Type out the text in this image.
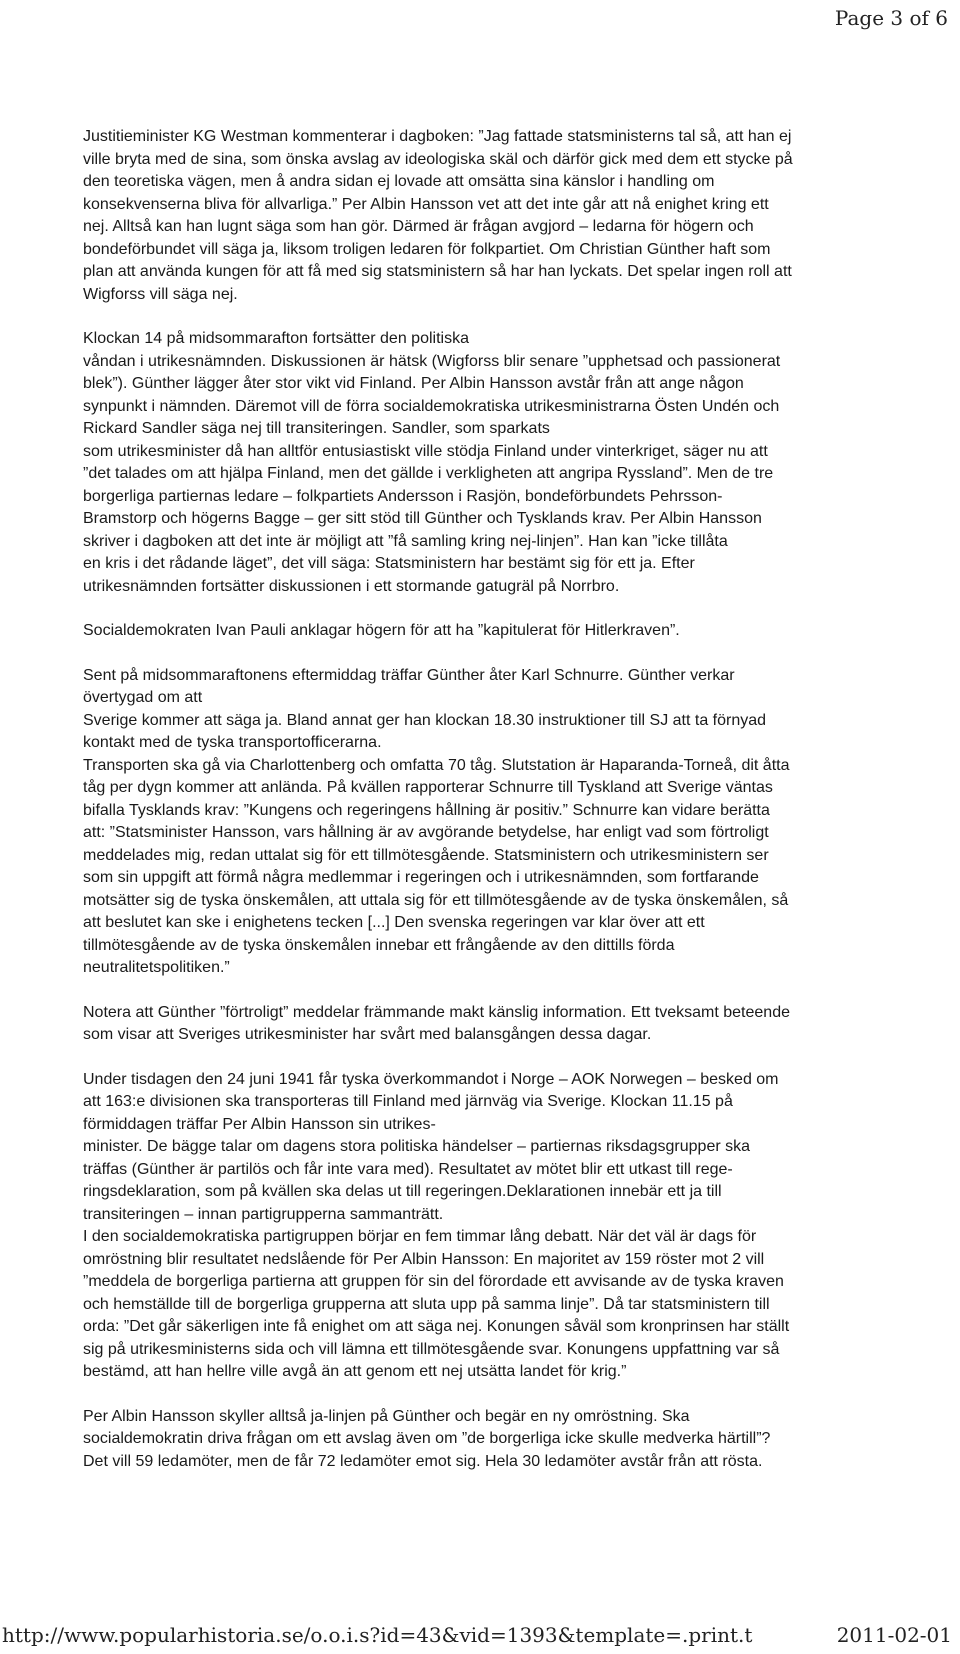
Page 3 of 6

Justitieminister KG Westman kommenterar i dagboken: ”Jag fattade statsministerns tal så, att han ej
ville bryta med de sina, som önska avslag av ideologiska skäl och därför gick med dem ett stycke på
den teoretiska vägen, men å andra sidan ej lovade att omsätta sina känslor i handling om
konsekvenserna bliva för allvarliga.” Per Albin Hansson vet att det inte går att nå enighet kring ett
nej. Alltså kan han lugnt säga som han gör. Därmed är frågan avgjord – ledarna för högern och
bondeförbundet vill säga ja, liksom troligen ledaren för folkpartiet. Om Christian Günther haft som
plan att använda kungen för att få med sig statsministern så har han lyckats. Det spelar ingen roll att
Wigforss vill säga nej.

Klockan 14 på midsommarafton fortsätter den politiska
våndan i utrikesnämnden. Diskussionen är hätsk (Wigforss blir senare ”upphetsad och passionerat
blek”). Günther lägger åter stor vikt vid Finland. Per Albin Hansson avstår från att ange någon
synpunkt i nämnden. Däremot vill de förra socialdemokratiska utrikesministrarna Östen Undén och
Rickard Sandler säga nej till transiteringen. Sandler, som sparkats
som utrikesminister då han alltför entusiastiskt ville stödja Finland under vinterkriget, säger nu att
”det talades om att hjälpa Finland, men det gällde i verkligheten att angripa Ryssland”. Men de tre
borgerliga partiernas ledare – folkpartiets Andersson i Rasjön, bondeförbundets Pehrsson-
Bramstorp och högerns Bagge – ger sitt stöd till Günther och Tysklands krav. Per Albin Hansson
skriver i dagboken att det inte är möjligt att ”få samling kring nej-linjen”. Han kan ”icke tillåta
en kris i det rådande läget”, det vill säga: Statsministern har bestämt sig för ett ja. Efter
utrikesnämnden fortsätter diskussionen i ett stormande gatugräl på Norrbro.

Socialdemokraten Ivan Pauli anklagar högern för att ha ”kapitulerat för Hitlerkraven”.

Sent på midsommaraftonens eftermiddag träffar Günther åter Karl Schnurre. Günther verkar
övertygad om att
Sverige kommer att säga ja. Bland annat ger han klockan 18.30 instruktioner till SJ att ta förnyad
kontakt med de tyska transportofficerarna.
Transporten ska gå via Charlottenberg och omfatta 70 tåg. Slutstation är Haparanda-Torneå, dit åtta
tåg per dygn kommer att anlända. På kvällen rapporterar Schnurre till Tyskland att Sverige väntas
bifalla Tysklands krav: ”Kungens och regeringens hållning är positiv.” Schnurre kan vidare berätta
att: ”Statsminister Hansson, vars hållning är av avgörande betydelse, har enligt vad som förtroligt
meddelades mig, redan uttalat sig för ett tillmötesgående. Statsministern och utrikesministern ser
som sin uppgift att förmå några medlemmar i regeringen och i utrikesnämnden, som fortfarande
motsätter sig de tyska önskemålen, att uttala sig för ett tillmötesgående av de tyska önskemålen, så
att beslutet kan ske i enighetens tecken [...] Den svenska regeringen var klar över att ett
tillmötesgående av de tyska önskemålen innebar ett frångående av den dittills förda
neutralitetspolitiken.”

Notera att Günther ”förtroligt” meddelar främmande makt känslig information. Ett tveksamt beteende
som visar att Sveriges utrikesminister har svårt med balansgången dessa dagar.

Under tisdagen den 24 juni 1941 får tyska överkommandot i Norge – AOK Norwegen – besked om
att 163:e divisionen ska transporteras till Finland med järnväg via Sverige. Klockan 11.15 på
förmiddagen träffar Per Albin Hansson sin utrikes-
minister. De bägge talar om dagens stora politiska händelser – partiernas riksdagsgrupper ska
träffas (Günther är partilös och får inte vara med). Resultatet av mötet blir ett utkast till rege-
ringsdeklaration, som på kvällen ska delas ut till regeringen.Deklarationen innebär ett ja till
transiteringen – innan partigrupperna sammanträtt.
I den socialdemokratiska partigruppen börjar en fem timmar lång debatt. När det väl är dags för
omröstning blir resultatet nedslående för Per Albin Hansson: En majoritet av 159 röster mot 2 vill
”meddela de borgerliga partierna att gruppen för sin del förordade ett avvisande av de tyska kraven
och hemställde till de borgerliga grupperna att sluta upp på samma linje”. Då tar statsministern till
orda: ”Det går säkerligen inte få enighet om att säga nej. Konungen såväl som kronprinsen har ställt
sig på utrikesministerns sida och vill lämna ett tillmötesgående svar. Konungens uppfattning var så
bestämd, att han hellre ville avgå än att genom ett nej utsätta landet för krig.”

Per Albin Hansson skyller alltså ja-linjen på Günther och begär en ny omröstning. Ska
socialdemokratin driva frågan om ett avslag även om ”de borgerliga icke skulle medverka härtill”?
Det vill 59 ledamöter, men de får 72 ledamöter emot sig. Hela 30 ledamöter avstår från att rösta.

http://www.popularhistoria.se/o.o.i.s?id=43&vid=1393&template=.print.t	2011-02-01
